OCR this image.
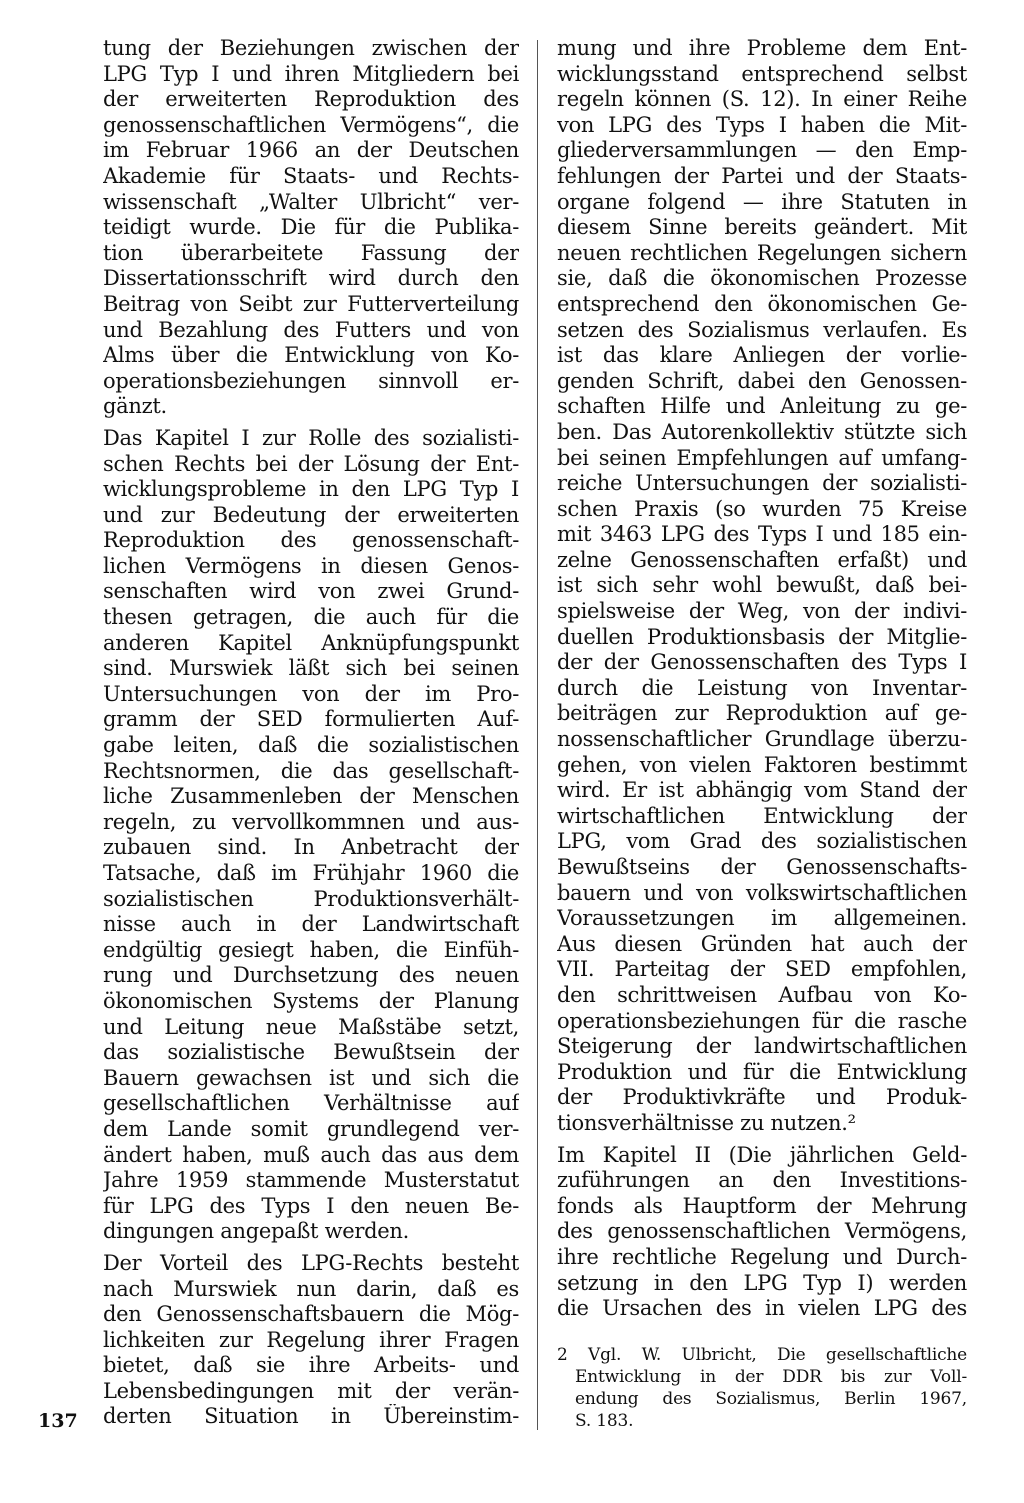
tung der Beziehungen zwischen der
LPG Typ I und ihren Mitgliedern bei
der erweiterten Reproduktion des
genossenschaftlichen Vermögens“, die
im Februar 1966 an der Deutschen
Akademie für Staats- und Rechts-
wissenschaft „Walter Ulbricht“ ver-
teidigt wurde. Die für die Publika-
tion überarbeitete Fassung der
Dissertationsschrift wird durch den
Beitrag von Seibt zur Futterverteilung
und Bezahlung des Futters und von
Alms über die Entwicklung von Ko-
operationsbeziehungen sinnvoll er-
gänzt.
Das Kapitel I zur Rolle des sozialisti-
schen Rechts bei der Lösung der Ent-
wicklungsprobleme in den LPG Typ I
und zur Bedeutung der erweiterten
Reproduktion des genossenschaft-
lichen Vermögens in diesen Genos-
senschaften wird von zwei Grund-
thesen getragen, die auch für die
anderen Kapitel Anknüpfungspunkt
sind. Murswiek läßt sich bei seinen
Untersuchungen von der im Pro-
gramm der SED formulierten Auf-
gabe leiten, daß die sozialistischen
Rechtsnormen, die das gesellschaft-
liche Zusammenleben der Menschen
regeln, zu vervollkommnen und aus-
zubauen sind. In Anbetracht der
Tatsache, daß im Frühjahr 1960 die
sozialistischen Produktionsverhält-
nisse auch in der Landwirtschaft
endgültig gesiegt haben, die Einfüh-
rung und Durchsetzung des neuen
ökonomischen Systems der Planung
und Leitung neue Maßstäbe setzt,
das sozialistische Bewußtsein der
Bauern gewachsen ist und sich die
gesellschaftlichen Verhältnisse auf
dem Lande somit grundlegend ver-
ändert haben, muß auch das aus dem
Jahre 1959 stammende Musterstatut
für LPG des Typs I den neuen Be-
dingungen angepaßt werden.
Der Vorteil des LPG-Rechts besteht
nach Murswiek nun darin, daß es
den Genossenschaftsbauern die Mög-
lichkeiten zur Regelung ihrer Fragen
bietet, daß sie ihre Arbeits- und
Lebensbedingungen mit der verän-
derten Situation in Übereinstim-
mung und ihre Probleme dem Ent-
wicklungsstand entsprechend selbst
regeln können (S. 12). In einer Reihe
von LPG des Typs I haben die Mit-
gliederversammlungen — den Emp-
fehlungen der Partei und der Staats-
organe folgend — ihre Statuten in
diesem Sinne bereits geändert. Mit
neuen rechtlichen Regelungen sichern
sie, daß die ökonomischen Prozesse
entsprechend den ökonomischen Ge-
setzen des Sozialismus verlaufen. Es
ist das klare Anliegen der vorlie-
genden Schrift, dabei den Genossen-
schaften Hilfe und Anleitung zu ge-
ben. Das Autorenkollektiv stützte sich
bei seinen Empfehlungen auf umfang-
reiche Untersuchungen der sozialisti-
schen Praxis (so wurden 75 Kreise
mit 3463 LPG des Typs I und 185 ein-
zelne Genossenschaften erfaßt) und
ist sich sehr wohl bewußt, daß bei-
spielsweise der Weg, von der indivi-
duellen Produktionsbasis der Mitglie-
der der Genossenschaften des Typs I
durch die Leistung von Inventar-
beiträgen zur Reproduktion auf ge-
nossenschaftlicher Grundlage überzu-
gehen, von vielen Faktoren bestimmt
wird. Er ist abhängig vom Stand der
wirtschaftlichen Entwicklung der
LPG, vom Grad des sozialistischen
Bewußtseins der Genossenschafts-
bauern und von volkswirtschaftlichen
Voraussetzungen im allgemeinen.
Aus diesen Gründen hat auch der
VII. Parteitag der SED empfohlen,
den schrittweisen Aufbau von Ko-
operationsbeziehungen für die rasche
Steigerung der landwirtschaftlichen
Produktion und für die Entwicklung
der Produktivkräfte und Produk-
tionsverhältnisse zu nutzen.²
Im Kapitel II (Die jährlichen Geld-
zuführungen an den Investitions-
fonds als Hauptform der Mehrung
des genossenschaftlichen Vermögens,
ihre rechtliche Regelung und Durch-
setzung in den LPG Typ I) werden
die Ursachen des in vielen LPG des
2 Vgl. W. Ulbricht, Die gesellschaftliche
Entwicklung in der DDR bis zur Voll-
endung des Sozialismus, Berlin 1967,
S. 183.
137
